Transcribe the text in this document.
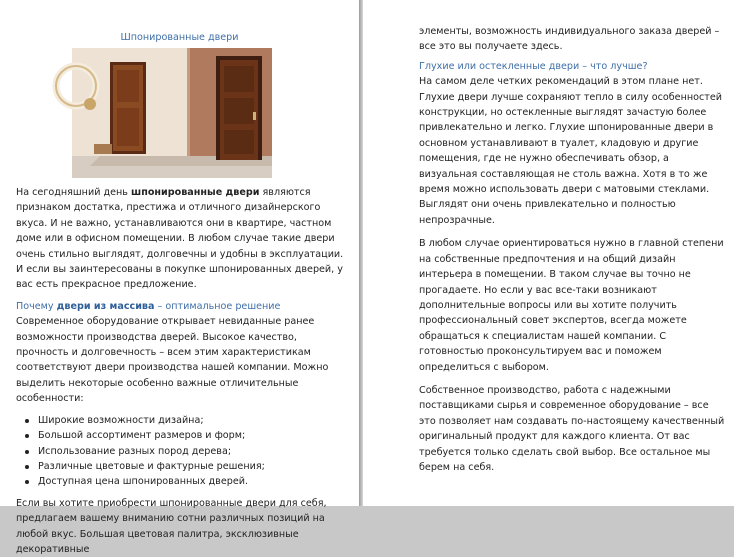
Шпонированные двери

На сегодняшний день шпонированные двери являются признаком достатка, престижа и отличного дизайнерского вкуса. И не важно, устанавливаются они в квартире, частном доме или в офисном помещении. В любом случае такие двери очень стильно выглядят, долговечны и удобны в эксплуатации. И если вы заинтересованы в покупке шпонированных дверей, у вас есть прекрасное предложение.

Почему двери из массива – оптимальное решение

Современное оборудование открывает невиданные ранее возможности производства дверей. Высокое качество, прочность и долговечность – всем этим характеристикам соответствуют двери производства нашей компании. Можно выделить некоторые особенно важные отличительные особенности:

Широкие возможности дизайна;
Большой ассортимент размеров и форм;
Использование разных пород дерева;
Различные цветовые и фактурные решения;
Доступная цена шпонированных дверей.

Если вы хотите приобрести шпонированные двери для себя, предлагаем вашему вниманию сотни различных позиций на любой вкус. Большая цветовая палитра, эксклюзивные декоративные

элементы, возможность индивидуального заказа дверей – все это вы получаете здесь.

Глухие или остекленные двери – что лучше?

На самом деле четких рекомендаций в этом плане нет. Глухие двери лучше сохраняют тепло в силу особенностей конструкции, но остекленные выглядят зачастую более привлекательно и легко. Глухие шпонированные двери в основном устанавливают в туалет, кладовую и другие помещения, где не нужно обеспечивать обзор, а визуальная составляющая не столь важна. Хотя в то же время можно использовать двери с матовыми стеклами. Выглядят они очень привлекательно и полностью непрозрачные.

В любом случае ориентироваться нужно в главной степени на собственные предпочтения и на общий дизайн интерьера в помещении. В таком случае вы точно не прогадаете. Но если у вас все-таки возникают дополнительные вопросы или вы хотите получить профессиональный совет экспертов, всегда можете обращаться к специалистам нашей компании. С готовностью проконсультируем вас и поможем определиться с выбором.

Собственное производство, работа с надежными поставщиками сырья и современное оборудование – все это позволяет нам создавать по-настоящему качественный оригинальный продукт для каждого клиента. От вас требуется только сделать свой выбор. Все остальное мы берем на себя.
